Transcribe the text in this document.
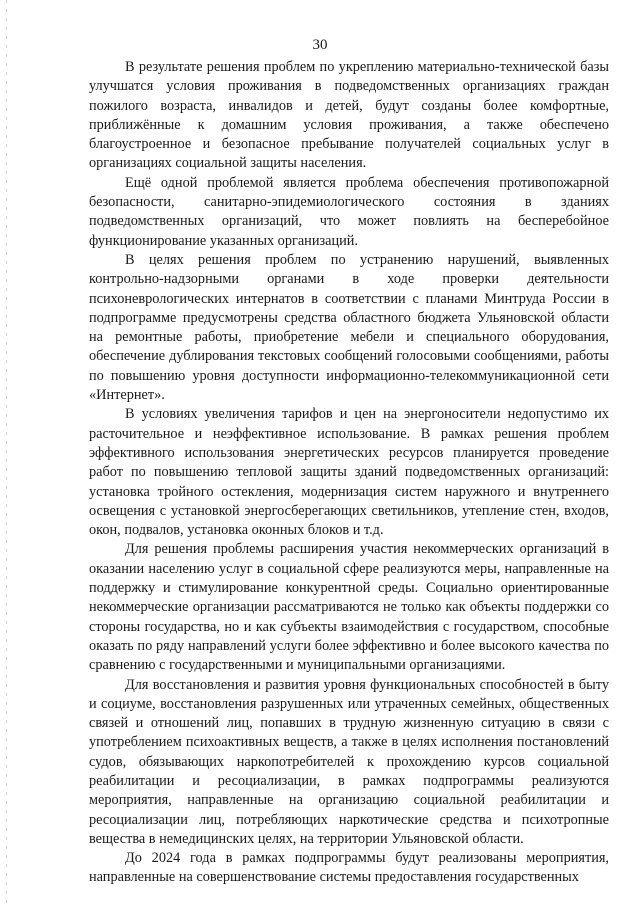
30

В результате решения проблем по укреплению материально-технической базы улучшатся условия проживания в подведомственных организациях граждан пожилого возраста, инвалидов и детей, будут созданы более комфортные, приближённые к домашним условия проживания, а также обеспечено благоустроенное и безопасное пребывание получателей социальных услуг в организациях социальной защиты населения.

Ещё одной проблемой является проблема обеспечения противопожарной безопасности, санитарно-эпидемиологического состояния в зданиях подведомственных организаций, что может повлиять на бесперебойное функционирование указанных организаций.

В целях решения проблем по устранению нарушений, выявленных контрольно-надзорными органами в ходе проверки деятельности психоневрологических интернатов в соответствии с планами Минтруда России в подпрограмме предусмотрены средства областного бюджета Ульяновской области на ремонтные работы, приобретение мебели и специального оборудования, обеспечение дублирования текстовых сообщений голосовыми сообщениями, работы по повышению уровня доступности информационно-телекоммуникационной сети «Интернет».

В условиях увеличения тарифов и цен на энергоносители недопустимо их расточительное и неэффективное использование. В рамках решения проблем эффективного использования энергетических ресурсов планируется проведение работ по повышению тепловой защиты зданий подведомственных организаций: установка тройного остекления, модернизация систем наружного и внутреннего освещения с установкой энергосберегающих светильников, утепление стен, входов, окон, подвалов, установка оконных блоков и т.д.

Для решения проблемы расширения участия некоммерческих организаций в оказании населению услуг в социальной сфере реализуются меры, направленные на поддержку и стимулирование конкурентной среды. Социально ориентированные некоммерческие организации рассматриваются не только как объекты поддержки со стороны государства, но и как субъекты взаимодействия с государством, способные оказать по ряду направлений услуги более эффективно и более высокого качества по сравнению с государственными и муниципальными организациями.

Для восстановления и развития уровня функциональных способностей в быту и социуме, восстановления разрушенных или утраченных семейных, общественных связей и отношений лиц, попавших в трудную жизненную ситуацию в связи с употреблением психоактивных веществ, а также в целях исполнения постановлений судов, обязывающих наркопотребителей к прохождению курсов социальной реабилитации и ресоциализации, в рамках подпрограммы реализуются мероприятия, направленные на организацию социальной реабилитации и ресоциализации лиц, потребляющих наркотические средства и психотропные вещества в немедицинских целях, на территории Ульяновской области.

До 2024 года в рамках подпрограммы будут реализованы мероприятия, направленные на совершенствование системы предоставления государственных
